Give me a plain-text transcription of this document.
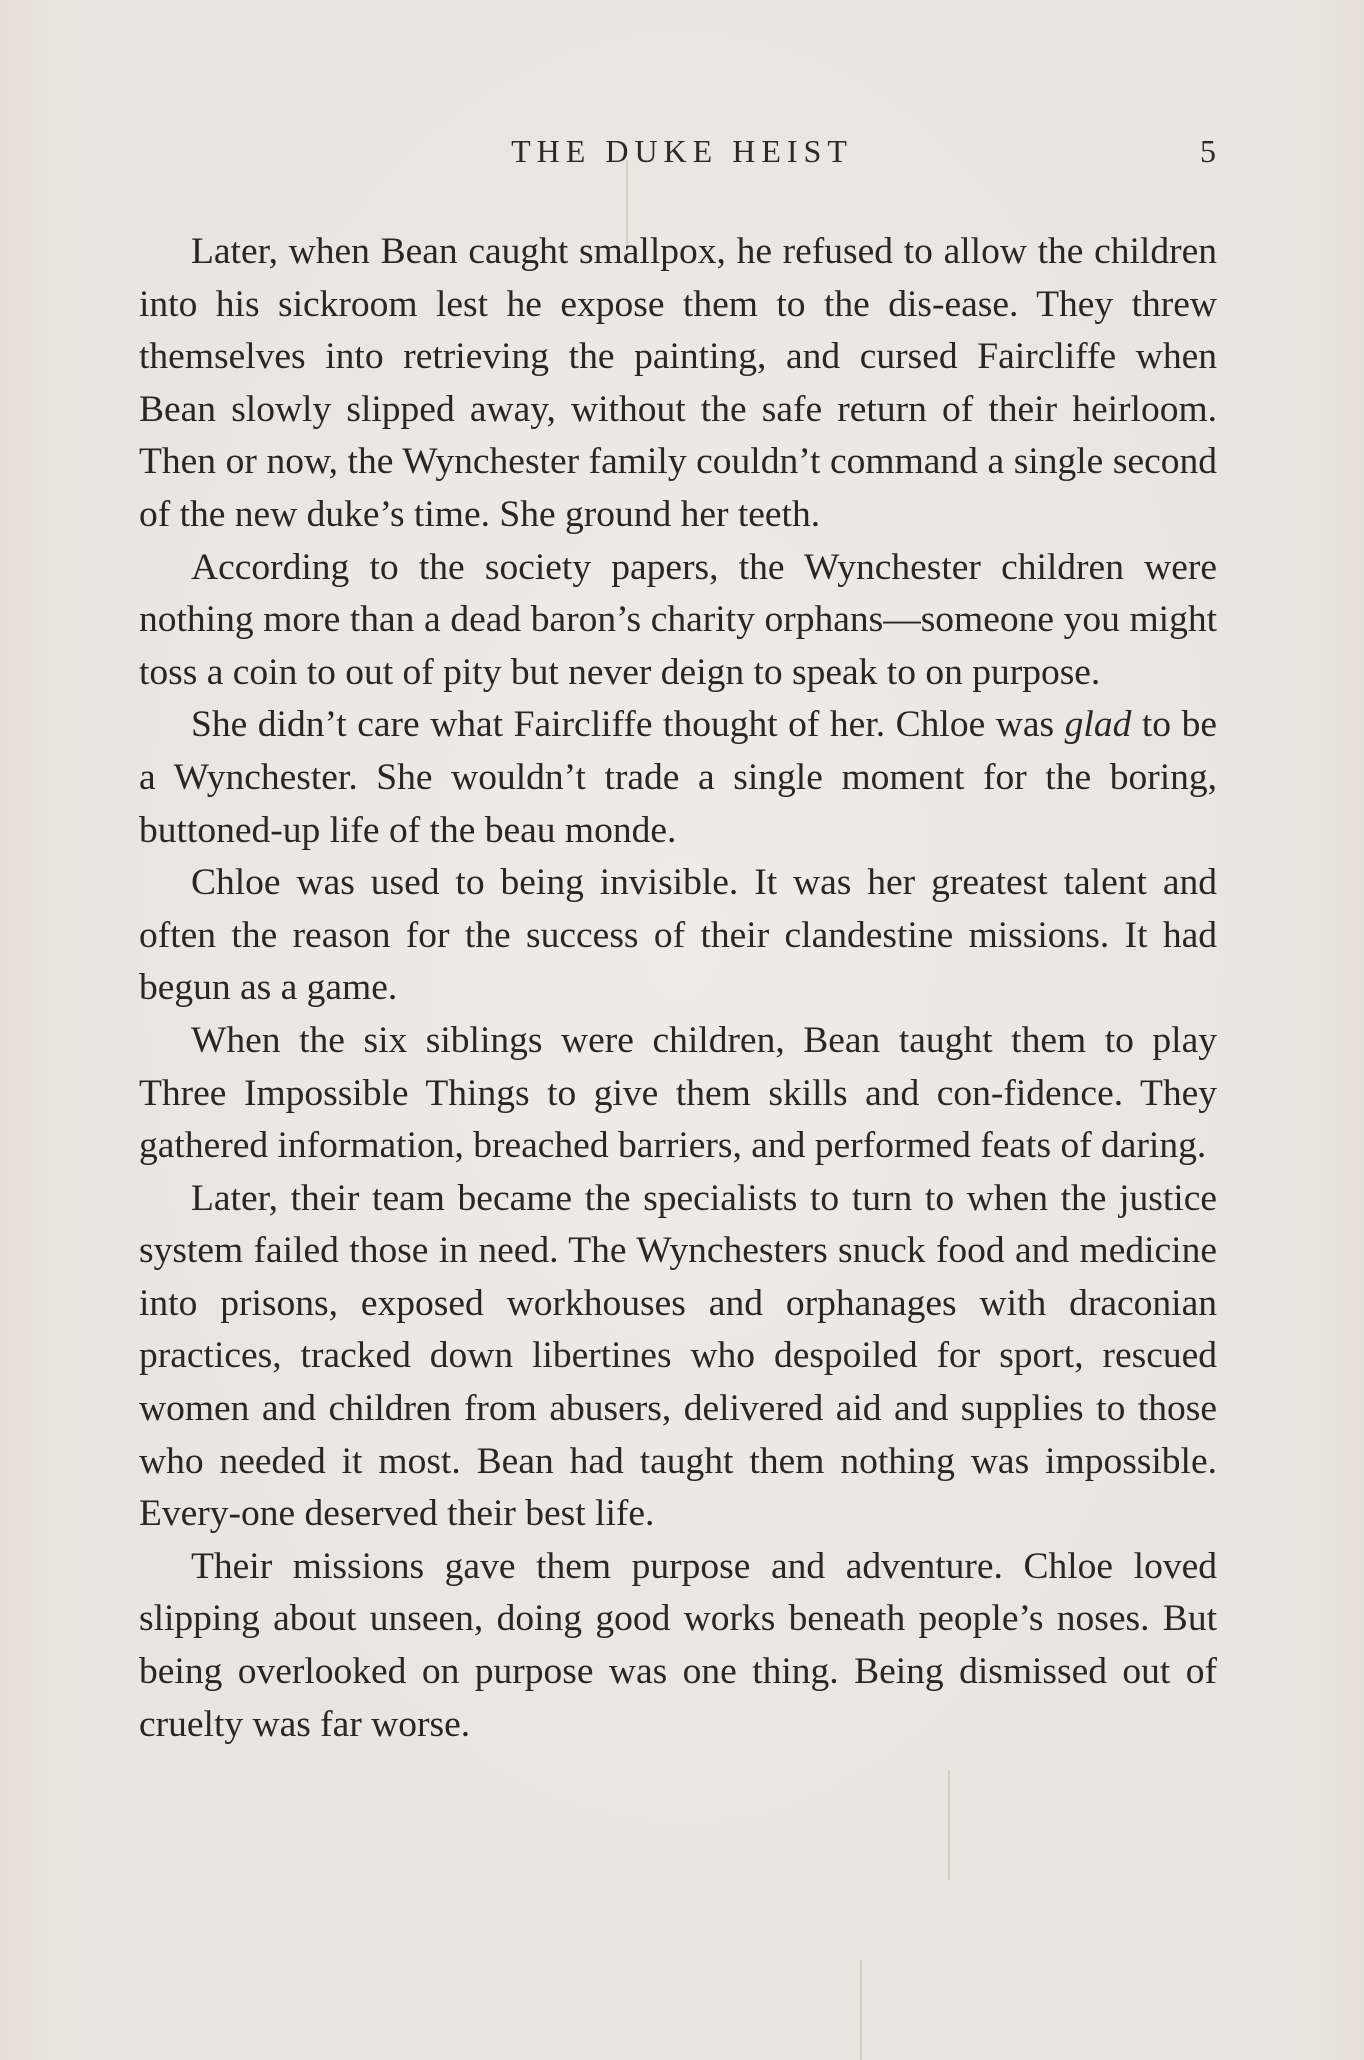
THE DUKE HEIST	5

Later, when Bean caught smallpox, he refused to allow the children into his sickroom lest he expose them to the dis-ease. They threw themselves into retrieving the painting, and cursed Faircliffe when Bean slowly slipped away, without the safe return of their heirloom. Then or now, the Wynchester family couldn’t command a single second of the new duke’s time. She ground her teeth.

According to the society papers, the Wynchester children were nothing more than a dead baron’s charity orphans—someone you might toss a coin to out of pity but never deign to speak to on purpose.

She didn’t care what Faircliffe thought of her. Chloe was glad to be a Wynchester. She wouldn’t trade a single moment for the boring, buttoned-up life of the beau monde.

Chloe was used to being invisible. It was her greatest talent and often the reason for the success of their clandestine missions. It had begun as a game.

When the six siblings were children, Bean taught them to play Three Impossible Things to give them skills and con-fidence. They gathered information, breached barriers, and performed feats of daring.

Later, their team became the specialists to turn to when the justice system failed those in need. The Wynchesters snuck food and medicine into prisons, exposed workhouses and orphanages with draconian practices, tracked down libertines who despoiled for sport, rescued women and children from abusers, delivered aid and supplies to those who needed it most. Bean had taught them nothing was impossible. Every-one deserved their best life.

Their missions gave them purpose and adventure. Chloe loved slipping about unseen, doing good works beneath people’s noses. But being overlooked on purpose was one thing. Being dismissed out of cruelty was far worse.
